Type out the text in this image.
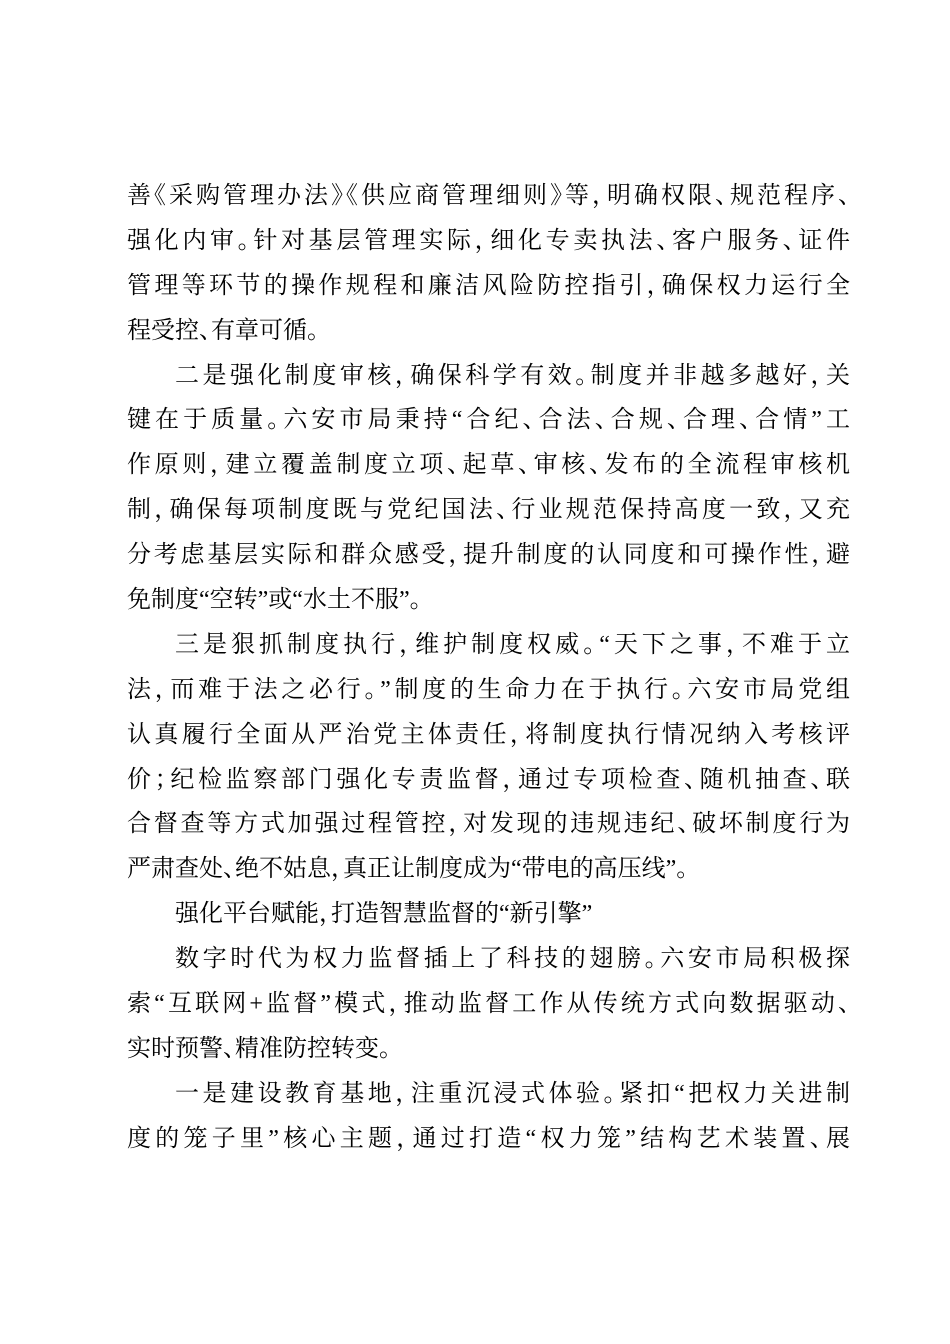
善《采购管理办法》《供应商管理细则》等，明确权限、规范程序、
强化内审。针对基层管理实际，细化专卖执法、客户服务、证件
管理等环节的操作规程和廉洁风险防控指引，确保权力运行全
程受控、有章可循。
二是强化制度审核，确保科学有效。制度并非越多越好，关
键在于质量。六安市局秉持“合纪、合法、合规、合理、合情”工
作原则，建立覆盖制度立项、起草、审核、发布的全流程审核机
制，确保每项制度既与党纪国法、行业规范保持高度一致，又充
分考虑基层实际和群众感受，提升制度的认同度和可操作性，避
免制度“空转”或“水土不服”。
三是狠抓制度执行，维护制度权威。“天下之事，不难于立
法，而难于法之必行。”制度的生命力在于执行。六安市局党组
认真履行全面从严治党主体责任，将制度执行情况纳入考核评
价；纪检监察部门强化专责监督，通过专项检查、随机抽查、联
合督查等方式加强过程管控，对发现的违规违纪、破坏制度行为
严肃查处、绝不姑息，真正让制度成为“带电的高压线”。
强化平台赋能，打造智慧监督的“新引擎”
数字时代为权力监督插上了科技的翅膀。六安市局积极探
索“互联网+监督”模式，推动监督工作从传统方式向数据驱动、
实时预警、精准防控转变。
一是建设教育基地，注重沉浸式体验。紧扣“把权力关进制
度的笼子里”核心主题，通过打造“权力笼”结构艺术装置、展
